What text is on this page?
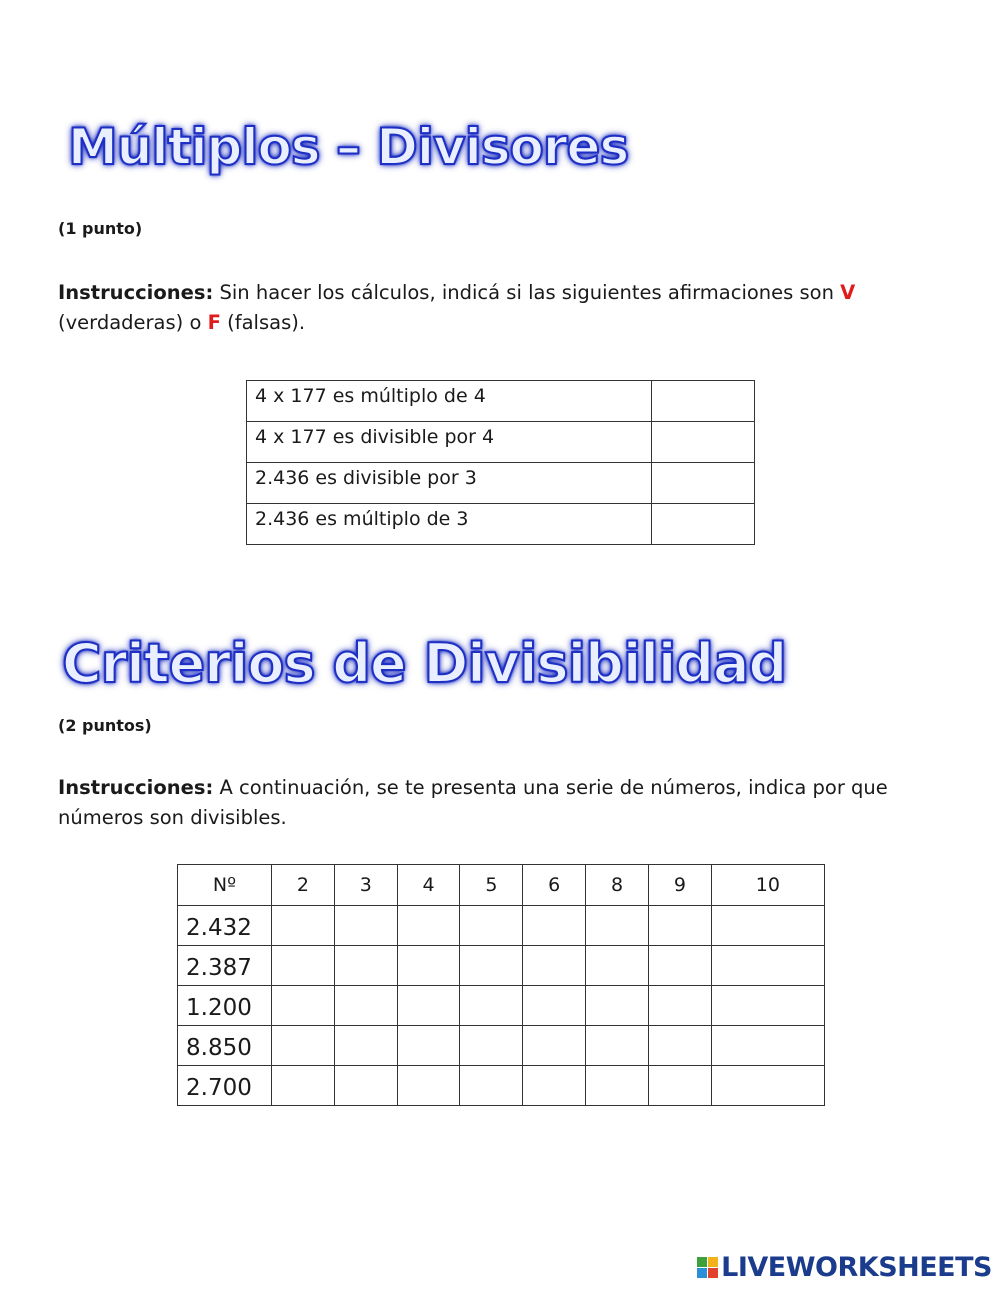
Múltiplos – Divisores

(1 punto)

Instrucciones: Sin hacer los cálculos, indicá si las siguientes afirmaciones son V (verdaderas) o F (falsas).

4 x 177 es múltiplo de 4	
4 x 177 es divisible por 4	
2.436 es divisible por 3	
2.436 es múltiplo de 3	
Criterios de Divisibilidad

(2 puntos)

Instrucciones: A continuación, se te presenta una serie de números, indica por que números son divisibles.

Nº	2	3	4	5	6	8	9	10
2.432								
2.387								
1.200								
8.850								
2.700								
LIVEWORKSHEETS
